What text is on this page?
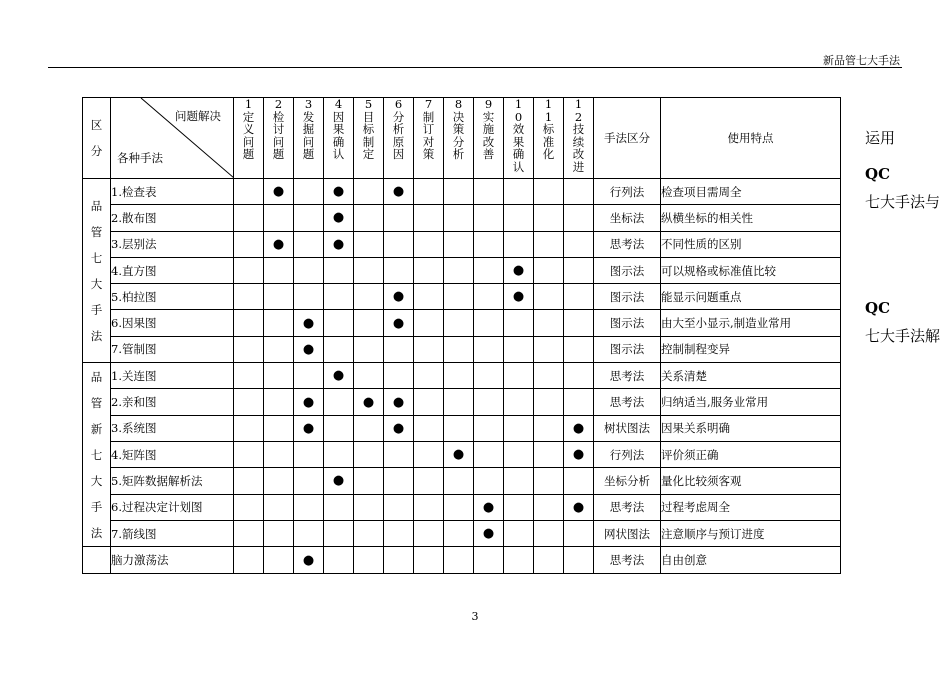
新品管七大手法
区分	问题解决
各种手法	1定义问题	2检讨问题	3发掘问题	4因果确认	5目标制定	6分析原因	7制订对策	8决策分析	9实施改善	10效果确认	11标准化	12技续改进	手法区分	使用特点
品管七大手法	1.检查表		●		●		●							行列法	检查项目需周全
	2.散布图				●									坐标法	纵横坐标的相关性
	3.层别法		●		●									思考法	不同性质的区别
	4.直方图										●			图示法	可以规格或标准值比较
	5.柏拉图						●				●			图示法	能显示问题重点
	6.因果图			●			●							图示法	由大至小显示,制造业常用
	7.管制图			●										图示法	控制制程变异
品管新七大手法	1.关连图				●									思考法	关系清楚
	2.亲和图			●		●	●							思考法	归纳适当,服务业常用
	3.系统图			●			●						●	树状图法	因果关系明确
	4.矩阵图								●				●	行列法	评价须正确
	5.矩阵数据解析法				●									坐标分析	量化比较须客观
	6.过程决定计划图									●			●	思考法	过程考虑周全
	7.箭线图									●				网状图法	注意顺序与预订进度
	脑力激荡法			●										思考法	自由创意
QC
运用
七大手法与
QC
七大手法解
3
